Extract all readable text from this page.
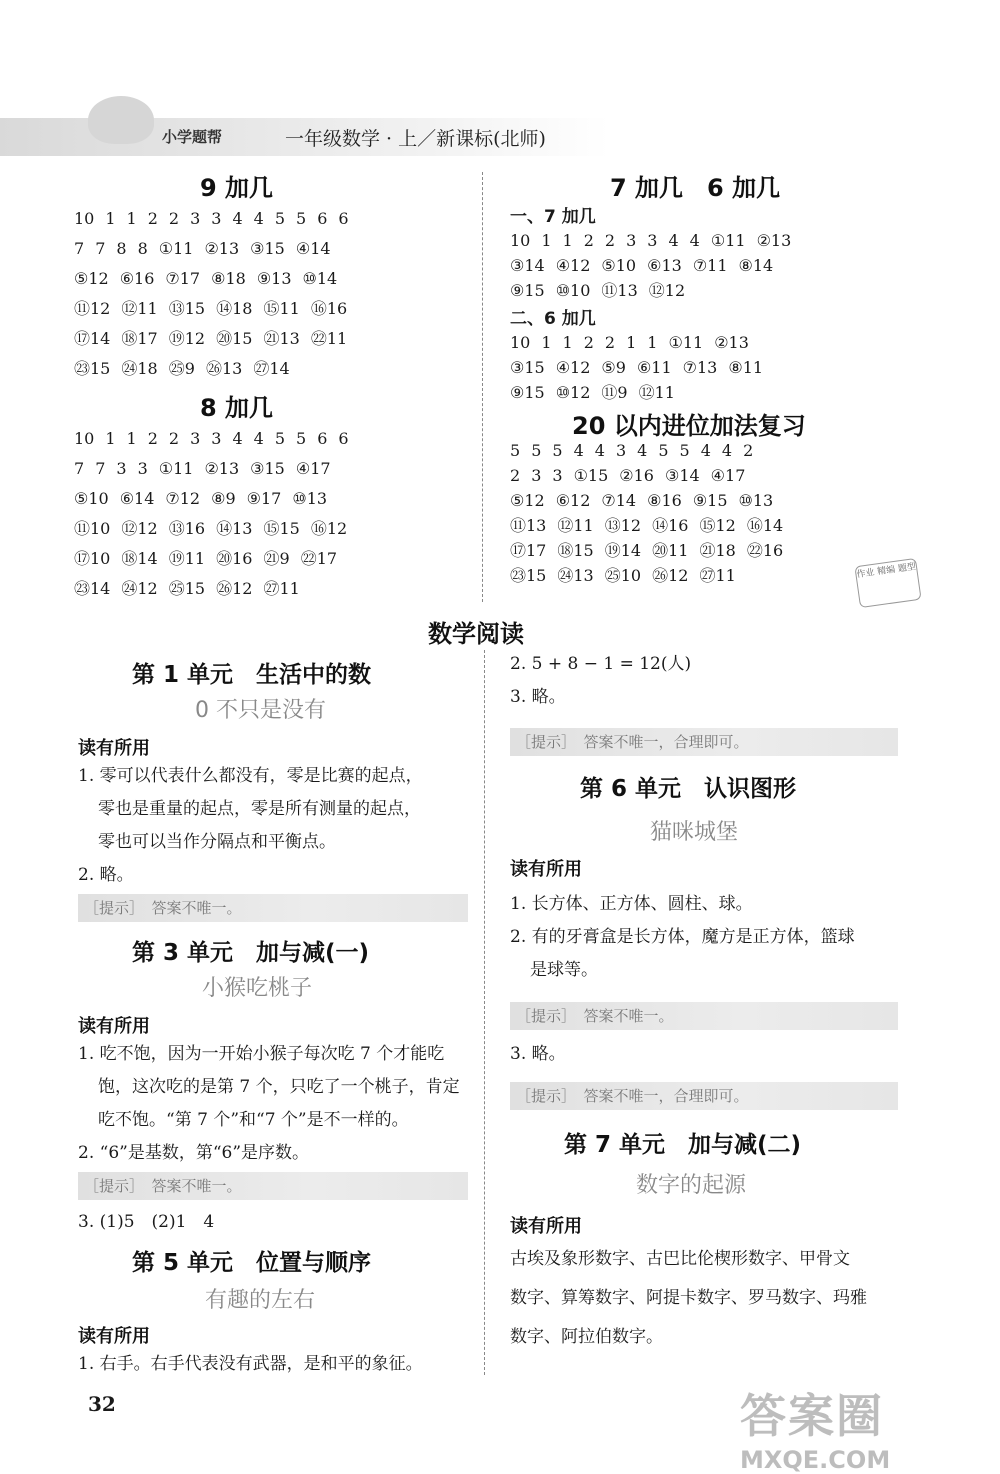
小学题帮	一年级数学 · 上／新课标(北师)
9 加几
10 1 1 2 2 3 3 4 4 5 5 6 6
7 7 8 8 ①11 ②13 ③15 ④14
⑤12 ⑥16 ⑦17 ⑧18 ⑨13 ⑩14
⑪12 ⑫11 ⑬15 ⑭18 ⑮11 ⑯16
⑰14 ⑱17 ⑲12 ⑳15 ㉑13 ㉒11
㉓15 ㉔18 ㉕9 ㉖13 ㉗14
8 加几
10 1 1 2 2 3 3 4 4 5 5 6 6
7 7 3 3 ①11 ②13 ③15 ④17
⑤10 ⑥14 ⑦12 ⑧9 ⑨17 ⑩13
⑪10 ⑫12 ⑬16 ⑭13 ⑮15 ⑯12
⑰10 ⑱14 ⑲11 ⑳16 ㉑9 ㉒17
㉓14 ㉔12 ㉕15 ㉖12 ㉗11
7 加几　6 加几
一、7 加几
10 1 1 2 2 3 3 4 4 ①11 ②13
③14 ④12 ⑤10 ⑥13 ⑦11 ⑧14
⑨15 ⑩10 ⑪13 ⑫12
二、6 加几
10 1 1 2 2 1 1 ①11 ②13
③15 ④12 ⑤9 ⑥11 ⑦13 ⑧11
⑨15 ⑩12 ⑪9 ⑫11
20 以内进位加法复习
5 5 5 4 4 3 4 5 5 4 4 2
2 3 3 ①15 ②16 ③14 ④17
⑤12 ⑥12 ⑦14 ⑧16 ⑨15 ⑩13
⑪13 ⑫11 ⑬12 ⑭16 ⑮12 ⑯14
⑰17 ⑱15 ⑲14 ⑳11 ㉑18 ㉒16
㉓15 ㉔13 ㉕10 ㉖12 ㉗11	作业 精编 题型
数学阅读
第 1 单元　生活中的数
0 不只是没有
读有所用
1. 零可以代表什么都没有，零是比赛的起点，
零也是重量的起点，零是所有测量的起点，
零也可以当作分隔点和平衡点。
2. 略。
［提示］　答案不唯一。
第 3 单元　加与减(一)
小猴吃桃子
读有所用
1. 吃不饱，因为一开始小猴子每次吃 7 个才能吃
饱，这次吃的是第 7 个，只吃了一个桃子，肯定
吃不饱。“第 7 个”和“7 个”是不一样的。
2. “6”是基数，第“6”是序数。
［提示］　答案不唯一。
3. (1)5　(2)1　4
第 5 单元　位置与顺序
有趣的左右
读有所用
1. 右手。右手代表没有武器，是和平的象征。
2. 5 + 8 − 1 = 12(人)
3. 略。
［提示］　答案不唯一，合理即可。
第 6 单元　认识图形
猫咪城堡
读有所用
1. 长方体、正方体、圆柱、球。
2. 有的牙膏盒是长方体，魔方是正方体，篮球
是球等。
［提示］　答案不唯一。
3. 略。
［提示］　答案不唯一，合理即可。
第 7 单元　加与减(二)
数字的起源
读有所用
古埃及象形数字、古巴比伦楔形数字、甲骨文
数字、算筹数字、阿提卡数字、罗马数字、玛雅
数字、阿拉伯数字。
32	答案圈
MXQE.COM
